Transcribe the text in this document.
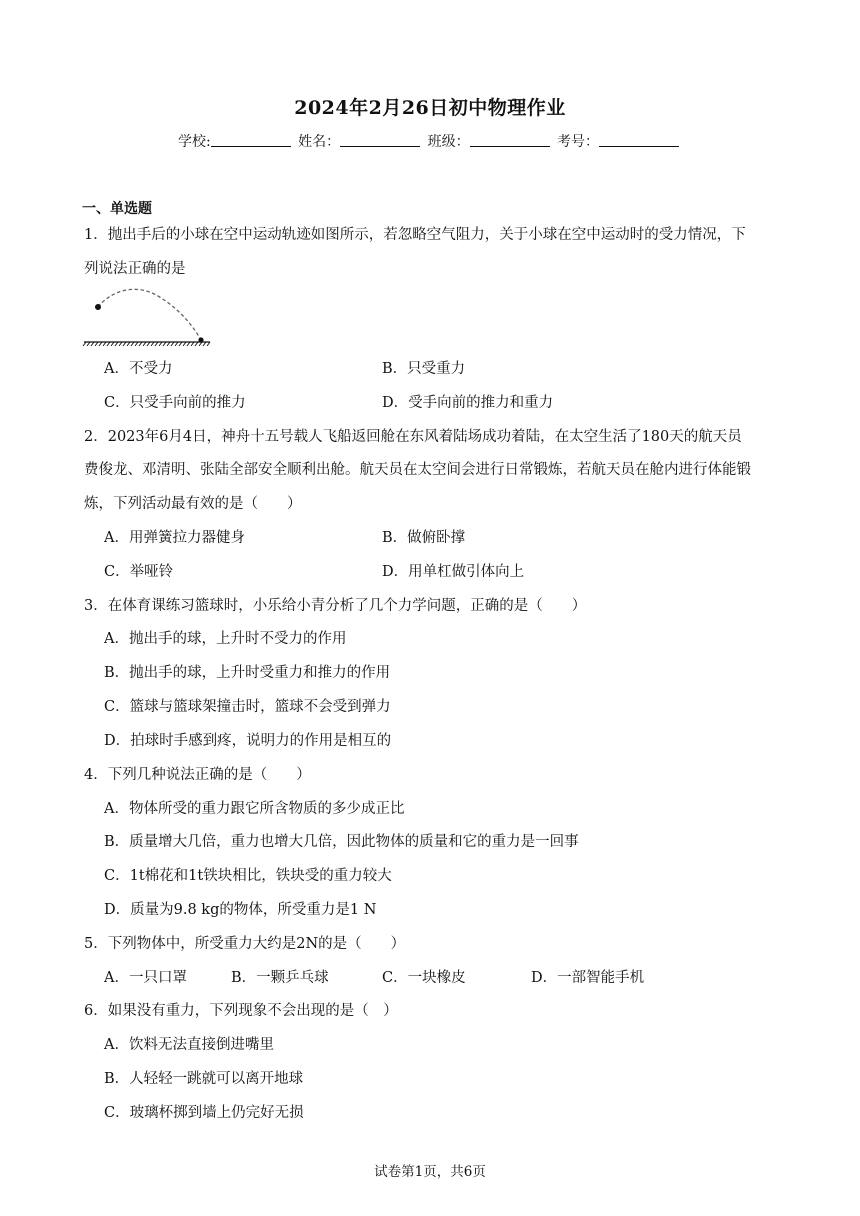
2024年2月26日初中物理作业
学校:	姓名：	班级：	考号：
一、单选题
1．抛出手后的小球在空中运动轨迹如图所示，若忽略空气阻力，关于小球在空中运动时的受力情况，下
列说法正确的是
A．不受力	B．只受重力
C．只受手向前的推力	D．受手向前的推力和重力
2．2023年6月4日，神舟十五号载人飞船返回舱在东风着陆场成功着陆，在太空生活了180天的航天员
费俊龙、邓清明、张陆全部安全顺利出舱。航天员在太空间会进行日常锻炼，若航天员在舱内进行体能锻
炼，下列活动最有效的是（　　）
A．用弹簧拉力器健身	B．做俯卧撑
C．举哑铃	D．用单杠做引体向上
3．在体育课练习篮球时，小乐给小青分析了几个力学问题，正确的是（　　）
A．抛出手的球，上升时不受力的作用
B．抛出手的球，上升时受重力和推力的作用
C．篮球与篮球架撞击时，篮球不会受到弹力
D．拍球时手感到疼，说明力的作用是相互的
4．下列几种说法正确的是（　　）
A．物体所受的重力跟它所含物质的多少成正比
B．质量增大几倍，重力也增大几倍，因此物体的质量和它的重力是一回事
C．1t棉花和1t铁块相比，铁块受的重力较大
D．质量为9.8 kg的物体，所受重力是1 N
5．下列物体中，所受重力大约是2N的是（　　）
A．一只口罩	B．一颗乒乓球	C．一块橡皮	D．一部智能手机
6．如果没有重力，下列现象不会出现的是（　）
A．饮料无法直接倒进嘴里
B．人轻轻一跳就可以离开地球
C．玻璃杯掷到墙上仍完好无损
试卷第1页，共6页
